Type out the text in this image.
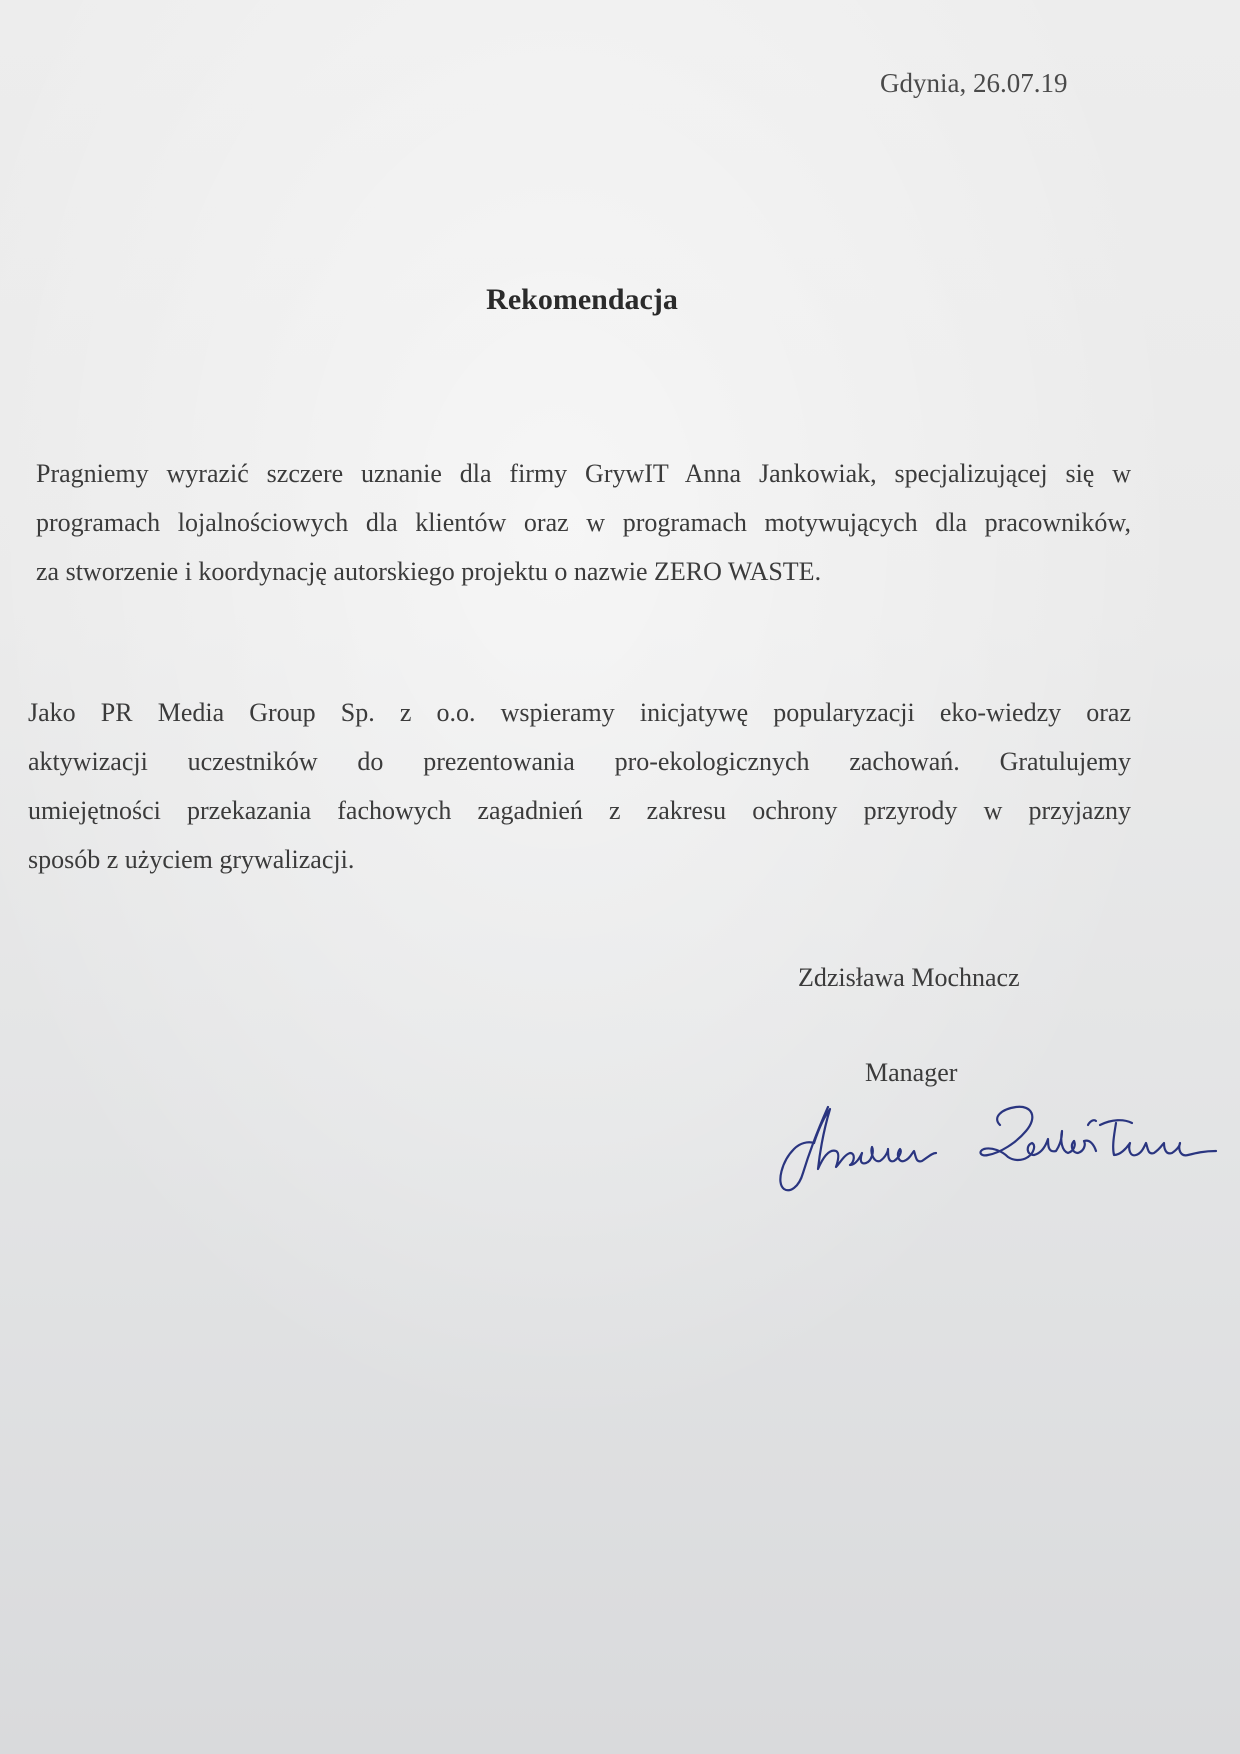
Gdynia, 26.07.19
Rekomendacja
Pragniemy wyrazić szczere uznanie dla firmy GrywIT Anna Jankowiak, specjalizującej się w
programach lojalnościowych dla klientów oraz w programach motywujących dla pracowników,
za stworzenie i koordynację autorskiego projektu o nazwie ZERO WASTE.
Jako PR Media Group Sp. z o.o. wspieramy inicjatywę popularyzacji eko-wiedzy oraz
aktywizacji uczestników do prezentowania pro-ekologicznych zachowań. Gratulujemy
umiejętności przekazania fachowych zagadnień z zakresu ochrony przyrody w przyjazny
sposób z użyciem grywalizacji.
Zdzisława Mochnacz
Manager
